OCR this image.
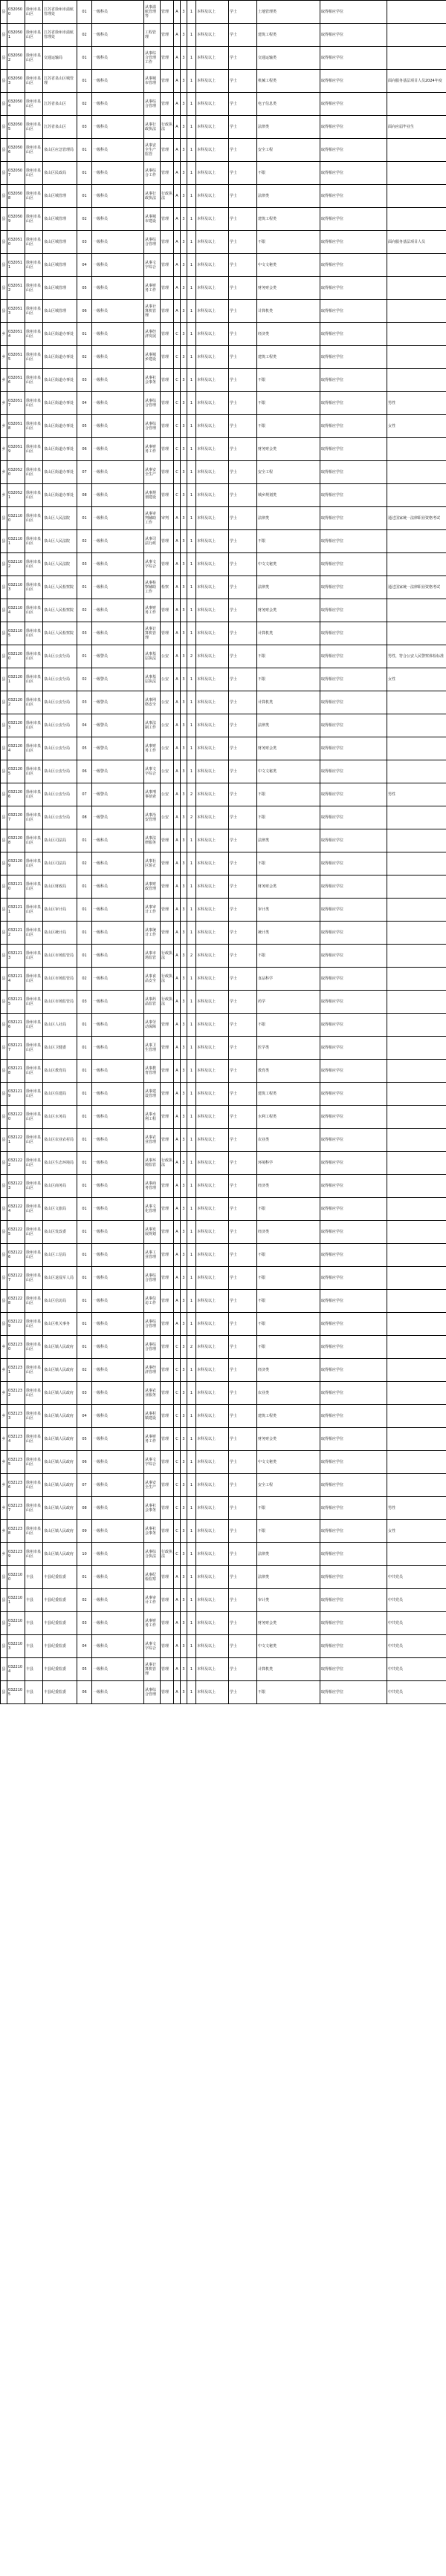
县	0320500	徐州市泉山区	江苏省徐州市溢航管理处	01	一级科员	从事溢航管理等	管理	A	3	1	本科及以上	学士	土地管理类	取得相应学位	
县	0320501	徐州市泉山区	江苏省徐州市溢航管理处	02	一级科员	工程管理	管理	A	3	1	本科及以上	学士	建筑工程类	取得相应学位	
县	0320502	徐州市泉山区	交通运输局	01	一级科员	从事综合管理工作	管理	A	3	1	本科及以上	学士	交通运输类	取得相应学位	
县	0320503	徐州市泉山区	江苏省泉山区城管理	01	一级科员	从事城市管理	管理	A	3	1	本科及以上	学士	机械工程类	取得相应学位	面向服务基层项目人员2024年度
县	0320504	徐州市泉山区	江苏省泉山区	02	一级科员	从事综合管理	管理	A	3	1	本科及以上	学士	电子信息类	取得相应学位	
县	0320505	徐州市泉山区	江苏省泉山区	03	一级科员	从事行政执法	行政执法	A	3	1	本科及以上	学士	法律类	取得相应学位	面向应届毕业生
县	0320506	徐州市泉山区	泉山区应急管理局	01	一级科员	从事安全生产监管	管理	A	3	1	本科及以上	学士	安全工程	取得相应学位	
县	0320507	徐州市泉山区	泉山区民政局	01	一级科员	从事综合工作	管理	A	3	1	本科及以上	学士	不限	取得相应学位	
县	0320508	徐州市泉山区	泉山区城管理	01	一级科员	从事行政执法	行政执法	A	3	1	本科及以上	学士	法律类	取得相应学位	
县	0320509	徐州市泉山区	泉山区城管理	02	一级科员	从事城市建设	管理	A	3	1	本科及以上	学士	建筑工程类	取得相应学位	
县	0320510	徐州市泉山区	泉山区城管理	03	一级科员	从事综合管理	管理	A	3	1	本科及以上	学士	不限	取得相应学位	面向服务基层项目人员
县	0320511	徐州市泉山区	泉山区城管理	04	一级科员	从事文字综合	管理	A	3	1	本科及以上	学士	中文文秘类	取得相应学位	
县	0320512	徐州市泉山区	泉山区城管理	05	一级科员	从事财务工作	管理	A	3	1	本科及以上	学士	财务财会类	取得相应学位	
县	0320513	徐州市泉山区	泉山区城管理	06	一级科员	从事计算机管理	管理	A	3	1	本科及以上	学士	计算机类	取得相应学位	
乡	0320514	徐州市泉山区	泉山区街道办事处	01	一级科员	从事经济发展	管理	C	3	1	本科及以上	学士	经济类	取得相应学位	
乡	0320515	徐州市泉山区	泉山区街道办事处	02	一级科员	从事城乡建设	管理	C	3	1	本科及以上	学士	建筑工程类	取得相应学位	
乡	0320516	徐州市泉山区	泉山区街道办事处	03	一级科员	从事社会事务	管理	C	3	1	本科及以上	学士	不限	取得相应学位	
乡	0320517	徐州市泉山区	泉山区街道办事处	04	一级科员	从事综合管理	管理	C	3	1	本科及以上	学士	不限	取得相应学位	男性
乡	0320518	徐州市泉山区	泉山区街道办事处	05	一级科员	从事综合管理	管理	C	3	1	本科及以上	学士	不限	取得相应学位	女性
乡	0320519	徐州市泉山区	泉山区街道办事处	06	一级科员	从事财务工作	管理	C	3	1	本科及以上	学士	财务财会类	取得相应学位	
乡	0320520	徐州市泉山区	泉山区街道办事处	07	一级科员	从事安全生产	管理	C	3	1	本科及以上	学士	安全工程	取得相应学位	
乡	0320521	徐州市泉山区	泉山区街道办事处	08	一级科员	从事规划建设	管理	C	3	1	本科及以上	学士	城乡规划类	取得相应学位	
县	0321100	徐州市泉山区	泉山区人民法院	01	一级科员	从事审判辅助工作	审判	A	3	1	本科及以上	学士	法律类	取得相应学位	通过国家统一法律职业资格考试
县	0321101	徐州市泉山区	泉山区人民法院	02	一级科员	从事司法行政	管理	A	3	1	本科及以上	学士	不限	取得相应学位	
县	0321102	徐州市泉山区	泉山区人民法院	03	一级科员	从事文字综合	管理	A	3	1	本科及以上	学士	中文文秘类	取得相应学位	
县	0321103	徐州市泉山区	泉山区人民检察院	01	一级科员	从事检察辅助工作	检察	A	3	1	本科及以上	学士	法律类	取得相应学位	通过国家统一法律职业资格考试
县	0321104	徐州市泉山区	泉山区人民检察院	02	一级科员	从事财务工作	管理	A	3	1	本科及以上	学士	财务财会类	取得相应学位	
县	0321105	徐州市泉山区	泉山区人民检察院	03	一级科员	从事计算机管理	管理	A	3	1	本科及以上	学士	计算机类	取得相应学位	
县	0321200	徐州市泉山区	泉山区公安分局	01	一级警员	从事基层执法	公安	A	3	2	本科及以上	学士	不限	取得相应学位	男性，符合公安人民警察体检标准
县	0321201	徐州市泉山区	泉山区公安分局	02	一级警员	从事基层执法	公安	A	3	1	本科及以上	学士	不限	取得相应学位	女性
县	0321202	徐州市泉山区	泉山区公安分局	03	一级警员	从事网络安全	公安	A	3	1	本科及以上	学士	计算机类	取得相应学位	
县	0321203	徐州市泉山区	泉山区公安分局	04	一级警员	从事法制工作	公安	A	3	1	本科及以上	学士	法律类	取得相应学位	
县	0321204	徐州市泉山区	泉山区公安分局	05	一级警员	从事财务工作	公安	A	3	1	本科及以上	学士	财务财会类	取得相应学位	
县	0321205	徐州市泉山区	泉山区公安分局	06	一级警员	从事文字综合	公安	A	3	1	本科及以上	学士	中文文秘类	取得相应学位	
县	0321206	徐州市泉山区	泉山区公安分局	07	一级警员	从事刑事侦查	公安	A	3	2	本科及以上	学士	不限	取得相应学位	男性
县	0321207	徐州市泉山区	泉山区公安分局	08	一级警员	从事治安管理	公安	A	3	2	本科及以上	学士	不限	取得相应学位	
县	0321208	徐州市泉山区	泉山区司法局	01	一级科员	从事法律服务	管理	A	3	1	本科及以上	学士	法律类	取得相应学位	
县	0321209	徐州市泉山区	泉山区司法局	02	一级科员	从事社区矫正	管理	A	3	1	本科及以上	学士	不限	取得相应学位	
县	0321210	徐州市泉山区	泉山区财政局	01	一级科员	从事财政管理	管理	A	3	1	本科及以上	学士	财务财会类	取得相应学位	
县	0321211	徐州市泉山区	泉山区审计局	01	一级科员	从事审计工作	管理	A	3	1	本科及以上	学士	审计类	取得相应学位	
县	0321212	徐州市泉山区	泉山区统计局	01	一级科员	从事统计工作	管理	A	3	1	本科及以上	学士	统计类	取得相应学位	
县	0321213	徐州市泉山区	泉山区市场监管局	01	一级科员	从事市场监管	行政执法	A	3	2	本科及以上	学士	不限	取得相应学位	
县	0321214	徐州市泉山区	泉山区市场监管局	02	一级科员	从事食品安全	行政执法	A	3	1	本科及以上	学士	食品科学	取得相应学位	
县	0321215	徐州市泉山区	泉山区市场监管局	03	一级科员	从事药品监管	行政执法	A	3	1	本科及以上	学士	药学	取得相应学位	
县	0321216	徐州市泉山区	泉山区人社局	01	一级科员	从事劳动保障	管理	A	3	1	本科及以上	学士	不限	取得相应学位	
县	0321217	徐州市泉山区	泉山区卫健委	01	一级科员	从事卫生管理	管理	A	3	1	本科及以上	学士	医学类	取得相应学位	
县	0321218	徐州市泉山区	泉山区教育局	01	一级科员	从事教育管理	管理	A	3	1	本科及以上	学士	教育类	取得相应学位	
县	0321219	徐州市泉山区	泉山区住建局	01	一级科员	从事建设管理	管理	A	3	1	本科及以上	学士	建筑工程类	取得相应学位	
县	0321220	徐州市泉山区	泉山区水务局	01	一级科员	从事水利工程	管理	A	3	1	本科及以上	学士	水利工程类	取得相应学位	
县	0321221	徐州市泉山区	泉山区农业农村局	01	一级科员	从事农业管理	管理	A	3	1	本科及以上	学士	农业类	取得相应学位	
县	0321222	徐州市泉山区	泉山区生态环境局	01	一级科员	从事环境监管	行政执法	A	3	1	本科及以上	学士	环境科学	取得相应学位	
县	0321223	徐州市泉山区	泉山区商务局	01	一级科员	从事商务管理	管理	A	3	1	本科及以上	学士	经济类	取得相应学位	
县	0321224	徐州市泉山区	泉山区文旅局	01	一级科员	从事文化管理	管理	A	3	1	本科及以上	学士	不限	取得相应学位	
县	0321225	徐州市泉山区	泉山区发改委	01	一级科员	从事发展规划	管理	A	3	1	本科及以上	学士	经济类	取得相应学位	
县	0321226	徐州市泉山区	泉山区工信局	01	一级科员	从事工业管理	管理	A	3	1	本科及以上	学士	不限	取得相应学位	
县	0321227	徐州市泉山区	泉山区退役军人局	01	一级科员	从事综合管理	管理	A	3	1	本科及以上	学士	不限	取得相应学位	
县	0321228	徐州市泉山区	泉山区信访局	01	一级科员	从事信访工作	管理	A	3	1	本科及以上	学士	不限	取得相应学位	
县	0321229	徐州市泉山区	泉山区机关事务	01	一级科员	从事综合管理	管理	A	3	1	本科及以上	学士	不限	取得相应学位	
乡	0321230	徐州市泉山区	泉山区镇人民政府	01	一级科员	从事综合管理	管理	C	3	2	本科及以上	学士	不限	取得相应学位	
乡	0321231	徐州市泉山区	泉山区镇人民政府	02	一级科员	从事经济管理	管理	C	3	1	本科及以上	学士	经济类	取得相应学位	
乡	0321232	徐州市泉山区	泉山区镇人民政府	03	一级科员	从事农业服务	管理	C	3	1	本科及以上	学士	农业类	取得相应学位	
乡	0321233	徐州市泉山区	泉山区镇人民政府	04	一级科员	从事村镇建设	管理	C	3	1	本科及以上	学士	建筑工程类	取得相应学位	
乡	0321234	徐州市泉山区	泉山区镇人民政府	05	一级科员	从事财务工作	管理	C	3	1	本科及以上	学士	财务财会类	取得相应学位	
乡	0321235	徐州市泉山区	泉山区镇人民政府	06	一级科员	从事文字综合	管理	C	3	1	本科及以上	学士	中文文秘类	取得相应学位	
乡	0321236	徐州市泉山区	泉山区镇人民政府	07	一级科员	从事安全生产	管理	C	3	1	本科及以上	学士	安全工程	取得相应学位	
乡	0321237	徐州市泉山区	泉山区镇人民政府	08	一级科员	从事社会事务	管理	C	3	1	本科及以上	学士	不限	取得相应学位	男性
乡	0321238	徐州市泉山区	泉山区镇人民政府	09	一级科员	从事社会事务	管理	C	3	1	本科及以上	学士	不限	取得相应学位	女性
乡	0321239	徐州市泉山区	泉山区镇人民政府	10	一级科员	从事综合执法	行政执法	C	3	1	本科及以上	学士	法律类	取得相应学位	
县	0322100	丰县	丰县纪委监委	01	一级科员	从事纪检监察	管理	A	3	1	本科及以上	学士	法律类	取得相应学位	中共党员
县	0322101	丰县	丰县纪委监委	02	一级科员	从事审计工作	管理	A	3	1	本科及以上	学士	审计类	取得相应学位	中共党员
县	0322102	丰县	丰县纪委监委	03	一级科员	从事财务工作	管理	A	3	1	本科及以上	学士	财务财会类	取得相应学位	中共党员
县	0322103	丰县	丰县纪委监委	04	一级科员	从事文字综合	管理	A	3	1	本科及以上	学士	中文文秘类	取得相应学位	中共党员
县	0322104	丰县	丰县纪委监委	05	一级科员	从事计算机管理	管理	A	3	1	本科及以上	学士	计算机类	取得相应学位	中共党员
县	0322105	丰县	丰县纪委监委	06	一级科员	从事综合管理	管理	A	3	1	本科及以上	学士	不限	取得相应学位	中共党员
